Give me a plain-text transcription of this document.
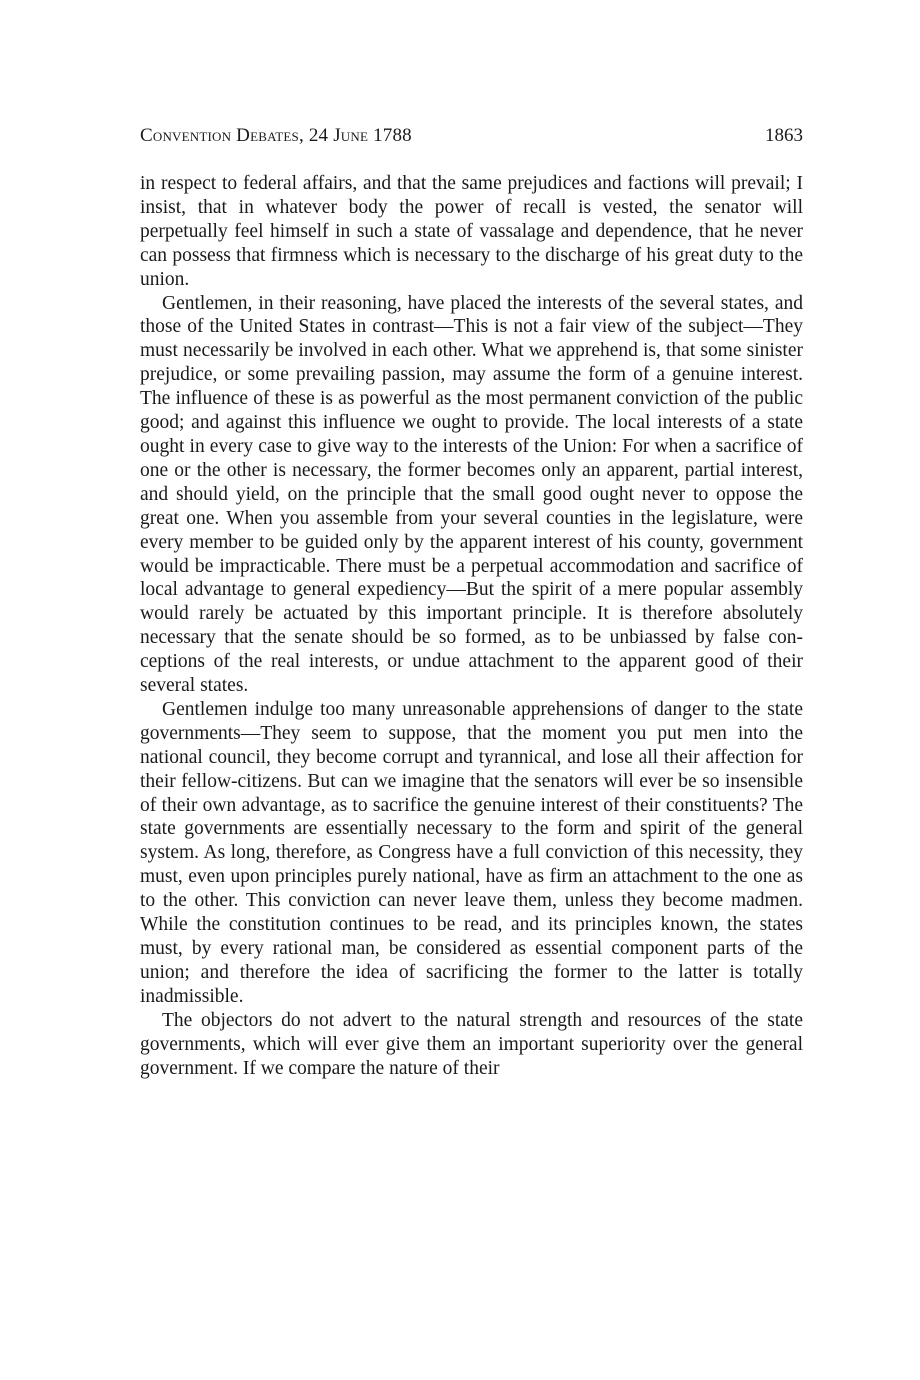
Convention Debates, 24 June 1788	1863

in respect to federal affairs, and that the same prejudices and factions will prevail; I insist, that in whatever body the power of recall is vested, the senator will perpetually feel himself in such a state of vassalage and dependence, that he never can possess that firmness which is necessary to the discharge of his great duty to the union.

Gentlemen, in their reasoning, have placed the interests of the several states, and those of the United States in contrast—This is not a fair view of the subject—They must necessarily be involved in each other. What we apprehend is, that some sinister prejudice, or some prevailing passion, may assume the form of a genuine interest. The influence of these is as powerful as the most permanent conviction of the public good; and against this influence we ought to provide. The local interests of a state ought in every case to give way to the interests of the Union: For when a sacrifice of one or the other is necessary, the former becomes only an apparent, partial interest, and should yield, on the principle that the small good ought never to oppose the great one. When you assemble from your several counties in the legislature, were every member to be guided only by the apparent interest of his county, government would be impracticable. There must be a perpetual accommodation and sacrifice of local advantage to general expediency—But the spirit of a mere popular assembly would rarely be actuated by this important principle. It is therefore absolutely necessary that the senate should be so formed, as to be unbiassed by false conceptions of the real interests, or undue attachment to the apparent good of their several states.

Gentlemen indulge too many unreasonable apprehensions of danger to the state governments—They seem to suppose, that the moment you put men into the national council, they become corrupt and tyrannical, and lose all their affection for their fellow-citizens. But can we imagine that the senators will ever be so insensible of their own advantage, as to sacrifice the genuine interest of their constituents? The state governments are essentially necessary to the form and spirit of the general system. As long, therefore, as Congress have a full conviction of this necessity, they must, even upon principles purely national, have as firm an attachment to the one as to the other. This conviction can never leave them, unless they become madmen. While the constitution continues to be read, and its principles known, the states must, by every rational man, be considered as essential component parts of the union; and therefore the idea of sacrificing the former to the latter is totally inadmissible.

The objectors do not advert to the natural strength and resources of the state governments, which will ever give them an important superiority over the general government. If we compare the nature of their
